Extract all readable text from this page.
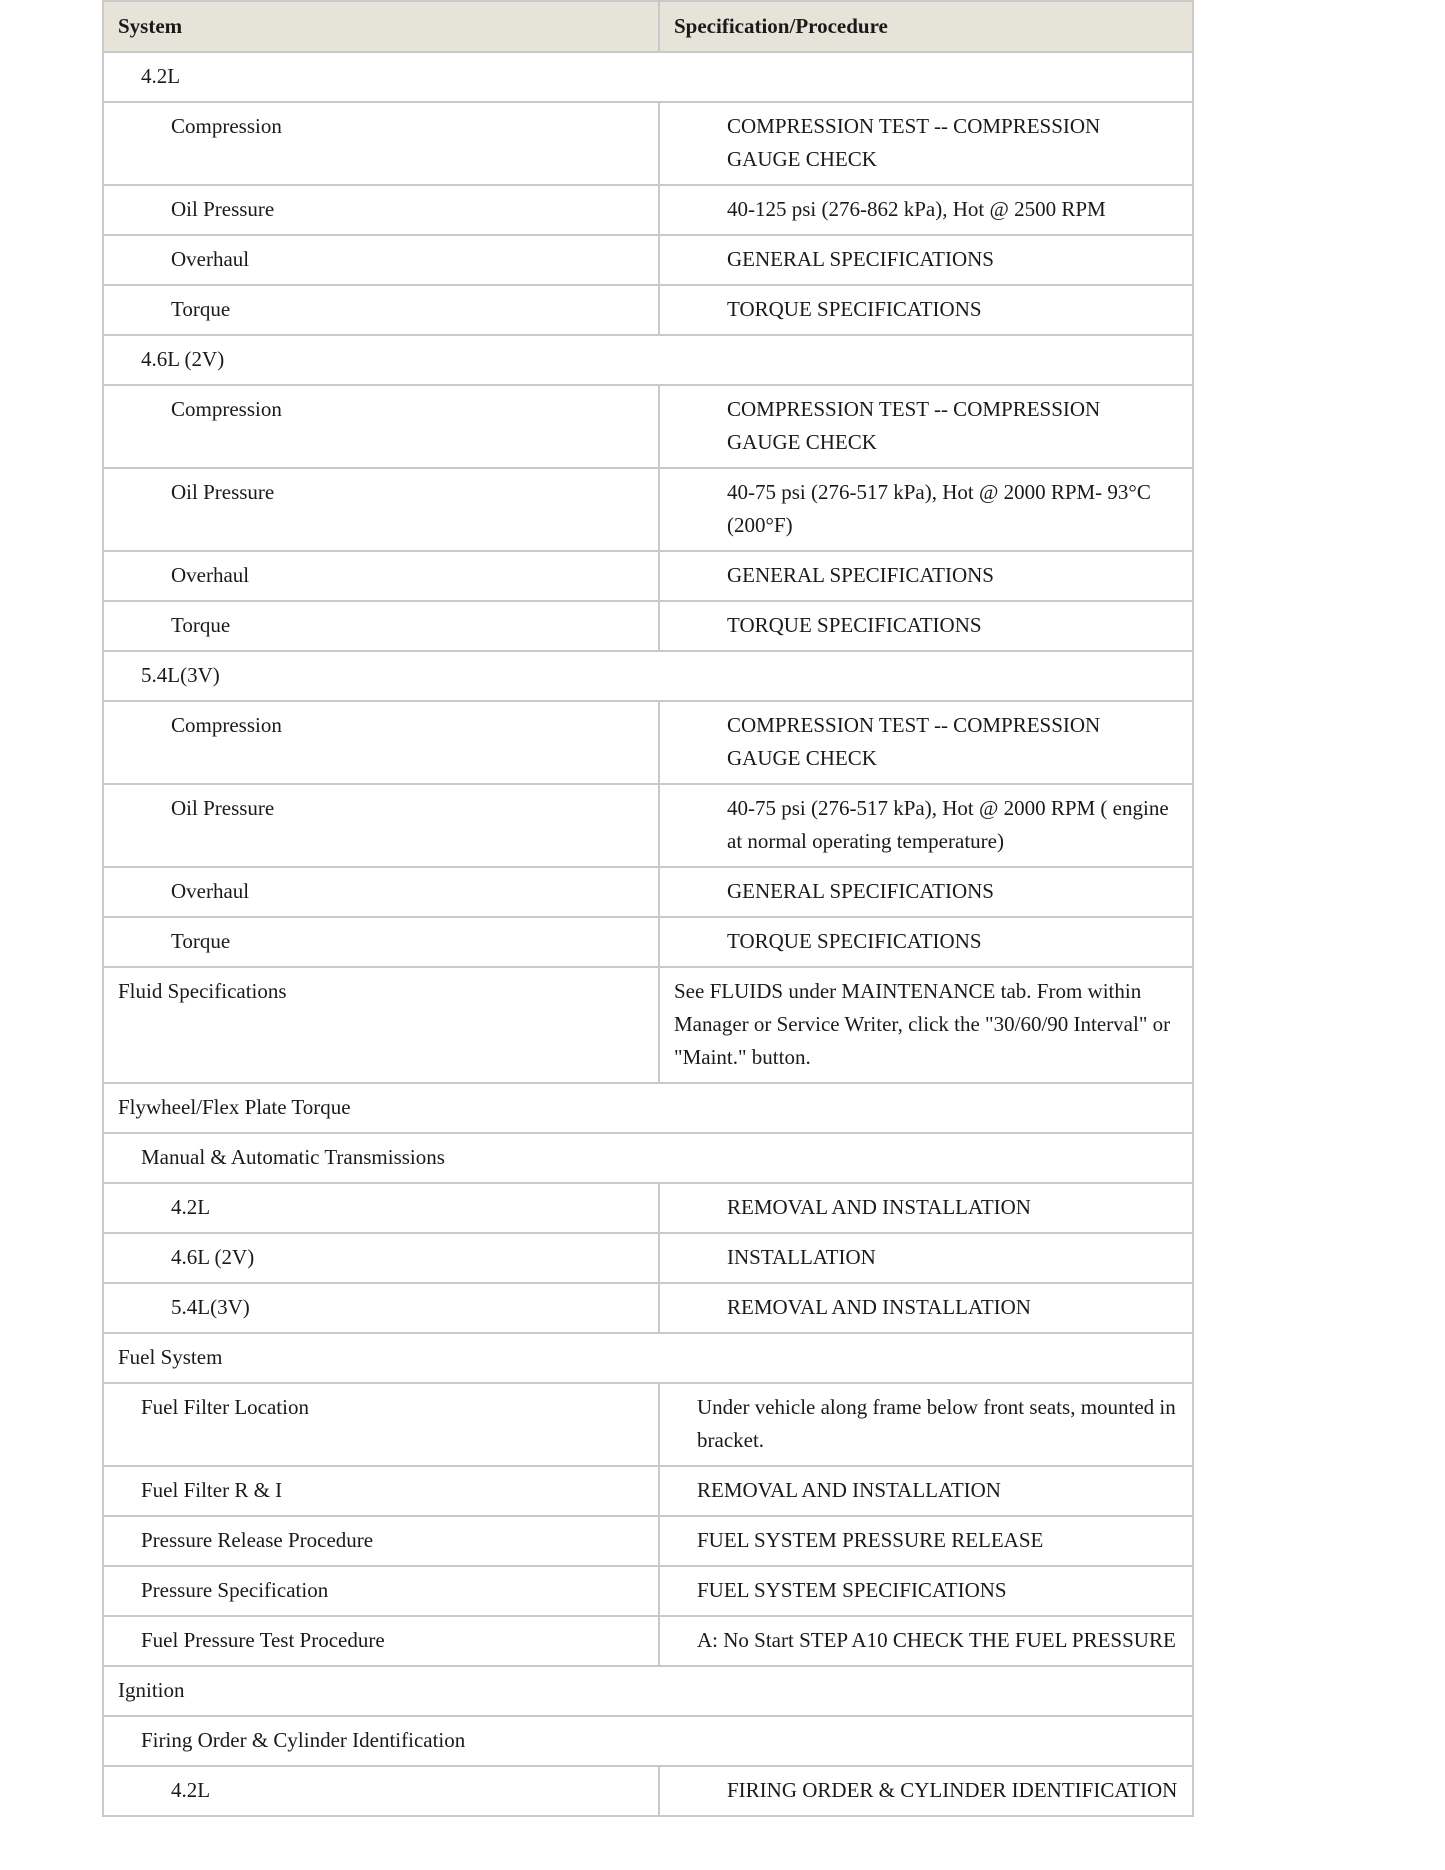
System	Specification/Procedure
4.2L	
Compression	COMPRESSION TEST -- COMPRESSION GAUGE CHECK
Oil Pressure	40-125 psi (276-862 kPa), Hot @ 2500 RPM
Overhaul	GENERAL SPECIFICATIONS
Torque	TORQUE SPECIFICATIONS
4.6L (2V)	
Compression	COMPRESSION TEST -- COMPRESSION GAUGE CHECK
Oil Pressure	40-75 psi (276-517 kPa), Hot @ 2000 RPM- 93°C (200°F)
Overhaul	GENERAL SPECIFICATIONS
Torque	TORQUE SPECIFICATIONS
5.4L(3V)	
Compression	COMPRESSION TEST -- COMPRESSION GAUGE CHECK
Oil Pressure	40-75 psi (276-517 kPa), Hot @ 2000 RPM ( engine at normal operating temperature)
Overhaul	GENERAL SPECIFICATIONS
Torque	TORQUE SPECIFICATIONS
Fluid Specifications	See FLUIDS under MAINTENANCE tab. From within Manager or Service Writer, click the "30/60/90 Interval" or "Maint." button.
Flywheel/Flex Plate Torque	
Manual & Automatic Transmissions	
4.2L	REMOVAL AND INSTALLATION
4.6L (2V)	INSTALLATION
5.4L(3V)	REMOVAL AND INSTALLATION
Fuel System	
Fuel Filter Location	Under vehicle along frame below front seats, mounted in bracket.
Fuel Filter R & I	REMOVAL AND INSTALLATION
Pressure Release Procedure	FUEL SYSTEM PRESSURE RELEASE
Pressure Specification	FUEL SYSTEM SPECIFICATIONS
Fuel Pressure Test Procedure	A: No Start STEP A10 CHECK THE FUEL PRESSURE
Ignition	
Firing Order & Cylinder Identification	
4.2L	FIRING ORDER & CYLINDER IDENTIFICATION
